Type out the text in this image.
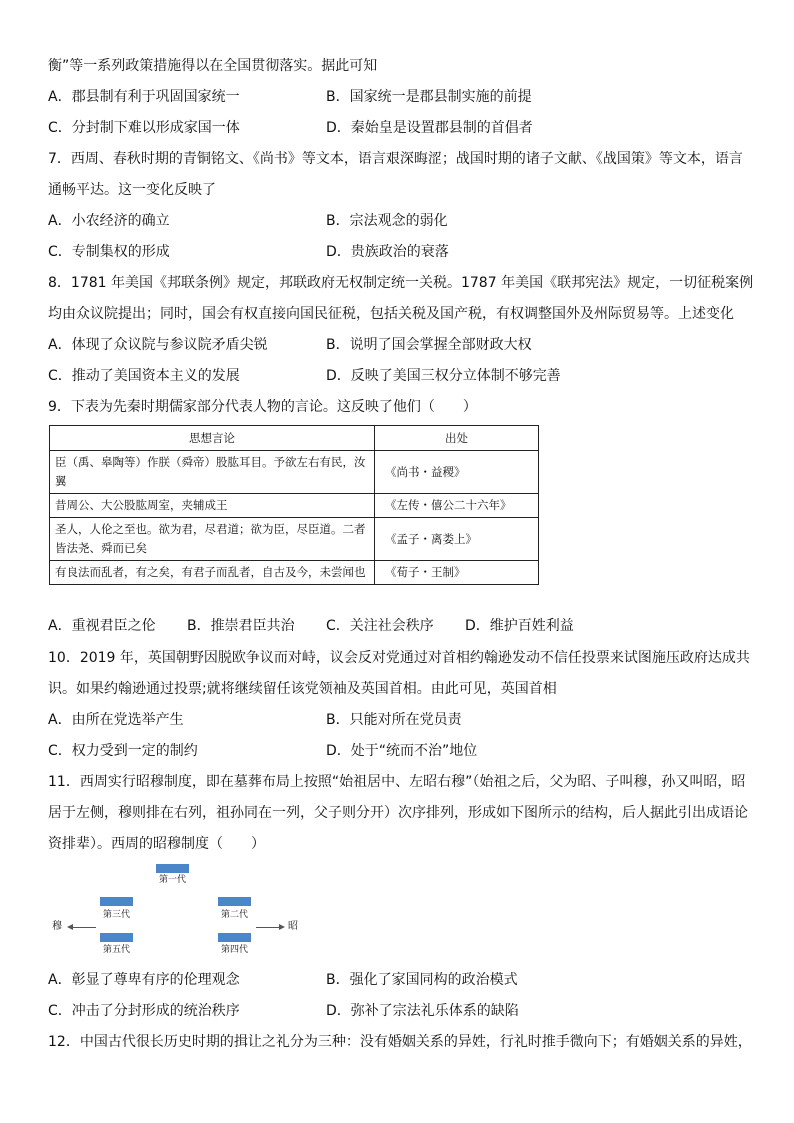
衡”等一系列政策措施得以在全国贯彻落实。据此可知
A．郡县制有利于巩固国家统一	B．国家统一是郡县制实施的前提
C．分封制下难以形成家国一体	D．秦始皇是设置郡县制的首倡者
7．西周、春秋时期的青铜铭文、《尚书》等文本，语言艰深晦涩；战国时期的诸子文献、《战国策》等文本，语言
通畅平达。这一变化反映了
A．小农经济的确立	B．宗法观念的弱化
C．专制集权的形成	D．贵族政治的衰落
8．1781 年美国《邦联条例》规定，邦联政府无权制定统一关税。1787 年美国《联邦宪法》规定，一切征税案例
均由众议院提出；同时，国会有权直接向国民征税，包括关税及国产税，有权调整国外及州际贸易等。上述变化
A．体现了众议院与参议院矛盾尖锐	B．说明了国会掌握全部财政大权
C．推动了美国资本主义的发展	D．反映了美国三权分立体制不够完善
9．下表为先秦时期儒家部分代表人物的言论。这反映了他们（　　）
思想言论	出处
臣（禹、皋陶等）作朕（舜帝）股肱耳目。予欲左右有民，汝翼	《尚书・益稷》
昔周公、大公股肱周室，夹辅成王	《左传・僖公二十六年》
圣人，人伦之至也。欲为君，尽君道；欲为臣，尽臣道。二者皆法尧、舜而已矣	《孟子・离娄上》
有良法而乱者，有之矣，有君子而乱者，自古及今，未尝闻也	《荀子・王制》
A．重视君臣之伦 B．推崇君臣共治 C．关注社会秩序 D．维护百姓利益
10．2019 年，英国朝野因脱欧争议而对峙，议会反对党通过对首相约翰逊发动不信任投票来试图施压政府达成共
识。如果约翰逊通过投票;就将继续留任该党领袖及英国首相。由此可见，英国首相
A．由所在党选举产生	B．只能对所在党员责
C．权力受到一定的制约	D．处于“统而不治”地位
11．西周实行昭穆制度，即在墓葬布局上按照“始祖居中、左昭右穆”（始祖之后，父为昭、子叫穆，孙又叫昭，昭
居于左侧，穆则排在右列，祖孙同在一列，父子则分开）次序排列，形成如下图所示的结构，后人据此引出成语论
资排辈）。西周的昭穆制度（　　）
第一代
第三代	第二代
第五代	第四代
穆	昭
A．彰显了尊卑有序的伦理观念	B．强化了家国同构的政治模式
C．冲击了分封形成的统治秩序	D．弥补了宗法礼乐体系的缺陷
12．中国古代很长历史时期的揖让之礼分为三种：没有婚姻关系的异姓，行礼时推手微向下；有婚姻关系的异姓，
